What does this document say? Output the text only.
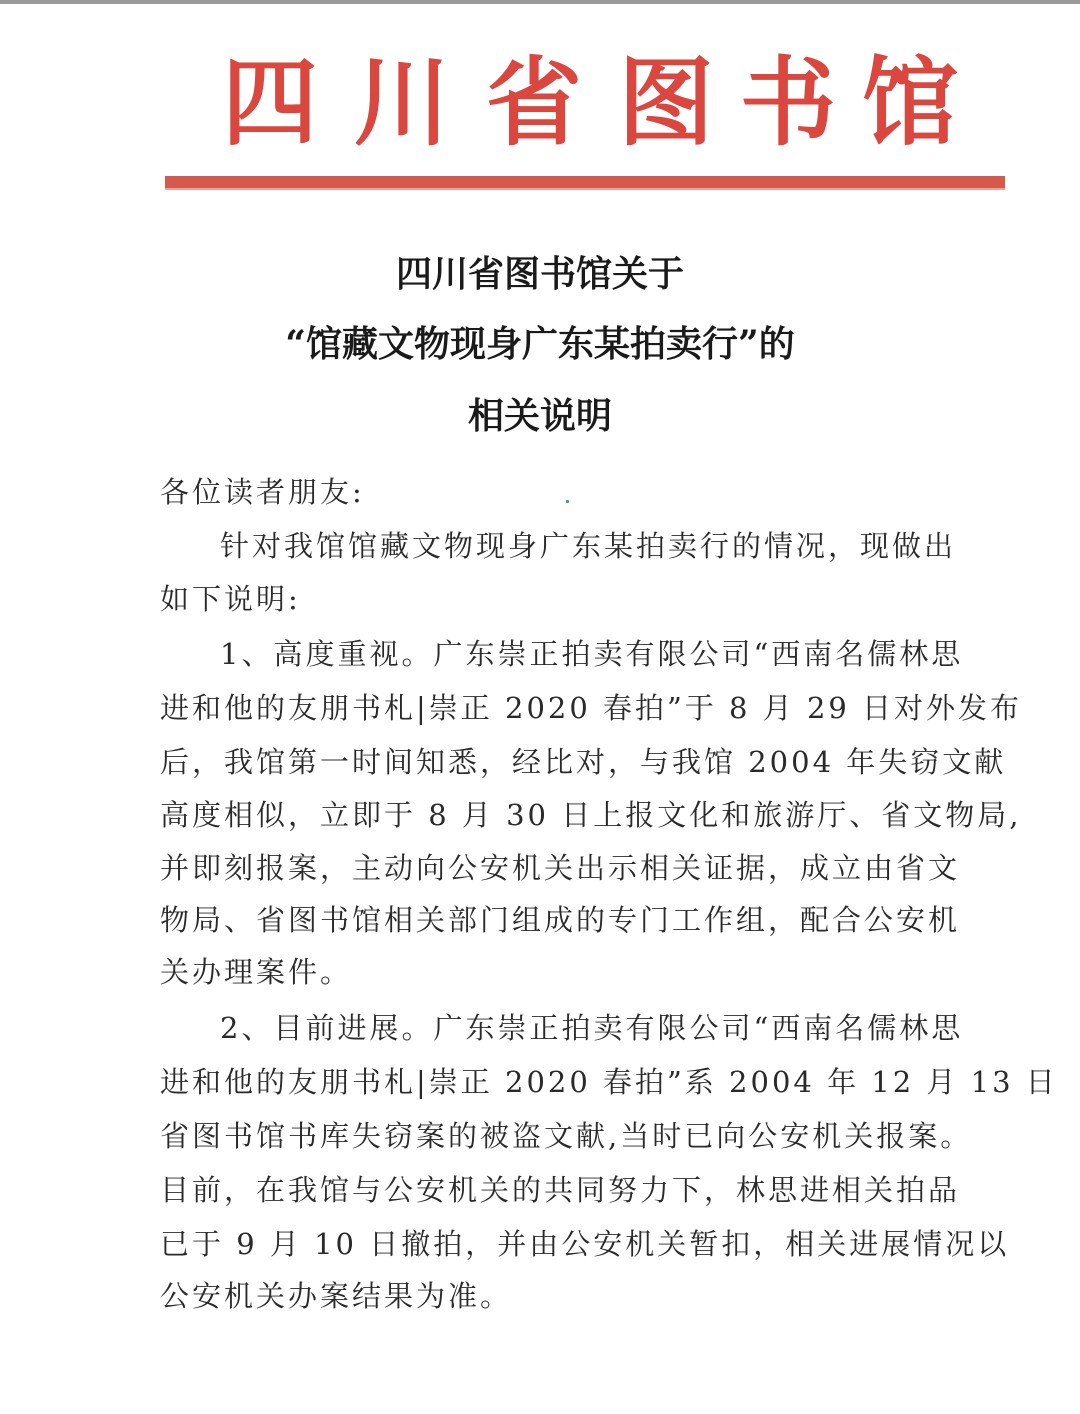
四 川 省 图 书 馆
四川省图书馆关于
“馆藏文物现身广东某拍卖行”的
相关说明
各位读者朋友:
针对我馆馆藏文物现身广东某拍卖行的情况，现做出
如下说明:
1、高度重视。广东崇正拍卖有限公司“西南名儒林思
进和他的友朋书札|崇正 2020 春拍”于 8 月 29 日对外发布
后，我馆第一时间知悉，经比对，与我馆 2004 年失窃文献
高度相似，立即于 8 月 30 日上报文化和旅游厅、省文物局,
并即刻报案，主动向公安机关出示相关证据，成立由省文
物局、省图书馆相关部门组成的专门工作组，配合公安机
关办理案件。
2、目前进展。广东崇正拍卖有限公司“西南名儒林思
进和他的友朋书札|崇正 2020 春拍”系 2004 年 12 月 13 日
省图书馆书库失窃案的被盗文献,当时已向公安机关报案。
目前，在我馆与公安机关的共同努力下，林思进相关拍品
已于 9 月 10 日撤拍，并由公安机关暂扣，相关进展情况以
公安机关办案结果为准。
